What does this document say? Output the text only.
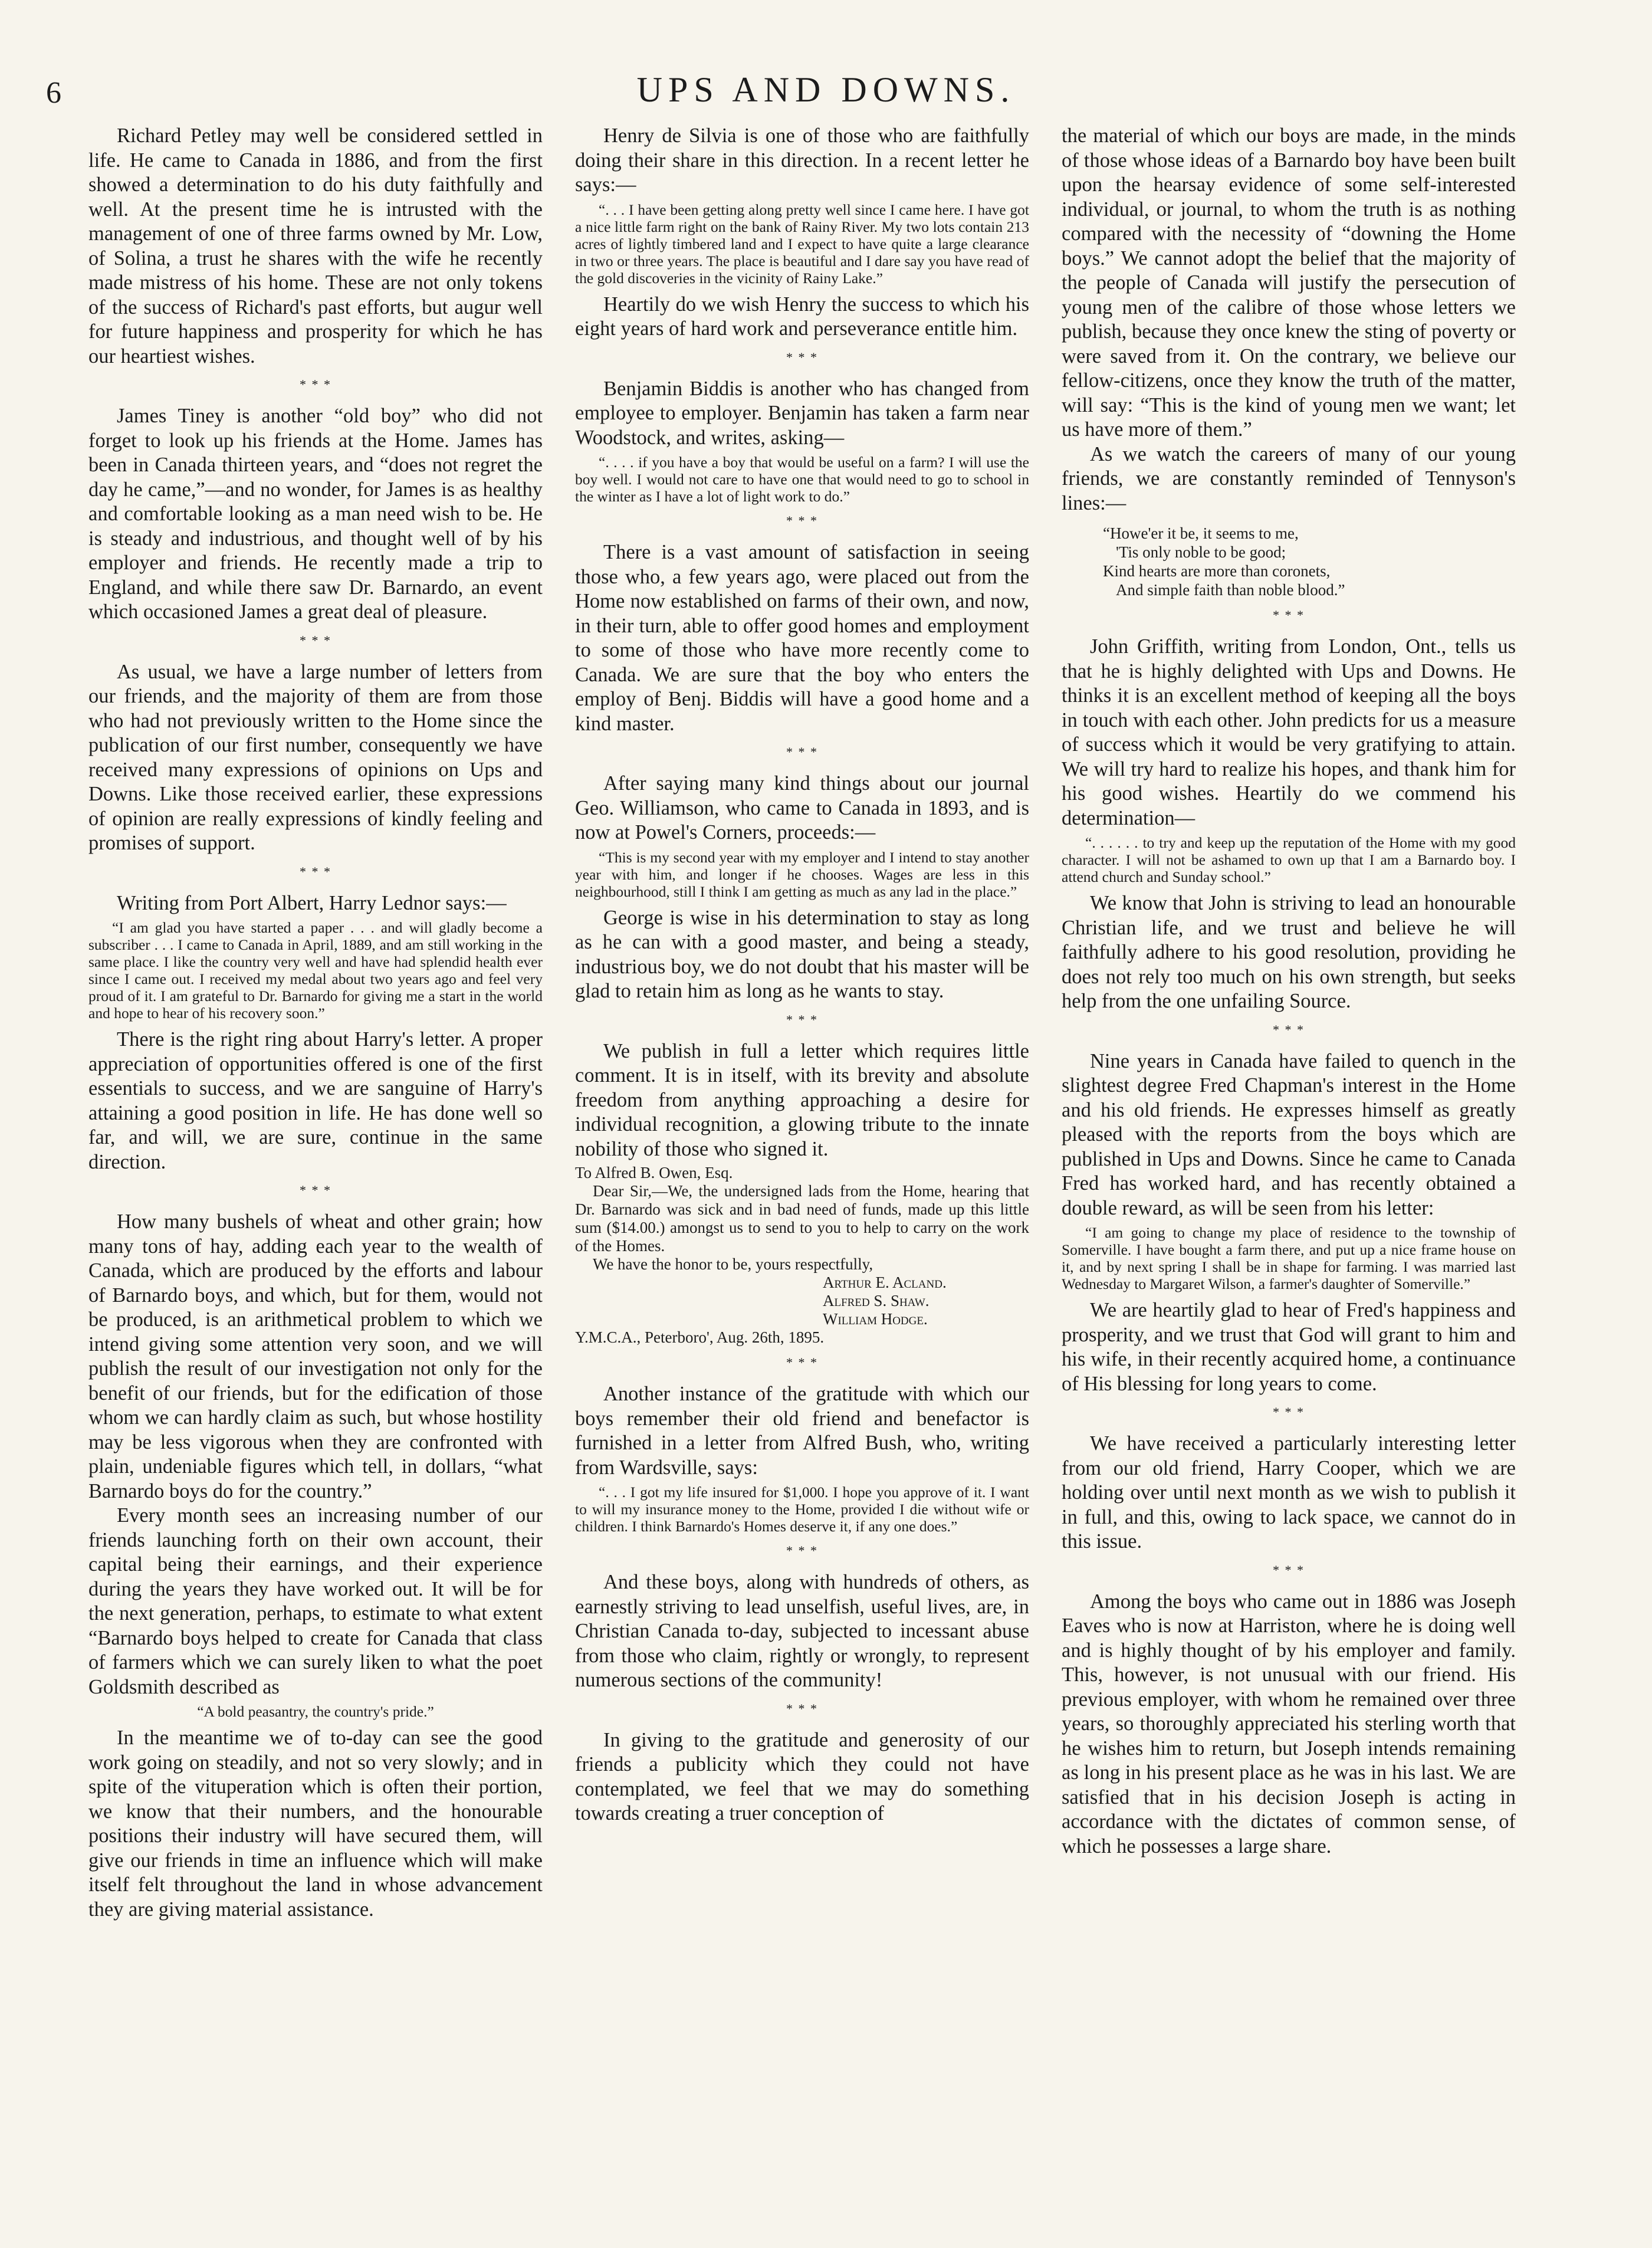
6	UPS AND DOWNS.

Richard Petley may well be considered settled in life. He came to Canada in 1886, and from the first showed a determination to do his duty faithfully and well. At the present time he is intrusted with the management of one of three farms owned by Mr. Low, of Solina, a trust he shares with the wife he recently made mistress of his home. These are not only tokens of the success of Richard's past efforts, but augur well for future happiness and prosperity for which he has our heartiest wishes.

* * *

James Tiney is another “old boy” who did not forget to look up his friends at the Home. James has been in Canada thirteen years, and “does not regret the day he came,”—and no wonder, for James is as healthy and comfortable looking as a man need wish to be. He is steady and industrious, and thought well of by his employer and friends. He recently made a trip to England, and while there saw Dr. Barnardo, an event which occasioned James a great deal of pleasure.

* * *

As usual, we have a large number of letters from our friends, and the majority of them are from those who had not previously written to the Home since the publication of our first number, consequently we have received many expressions of opinions on Ups and Downs. Like those received earlier, these expressions of opinion are really expressions of kindly feeling and promises of support.

* * *

Writing from Port Albert, Harry Lednor says:—

“I am glad you have started a paper . . . and will gladly become a subscriber . . . I came to Canada in April, 1889, and am still working in the same place. I like the country very well and have had splendid health ever since I came out. I received my medal about two years ago and feel very proud of it. I am grateful to Dr. Barnardo for giving me a start in the world and hope to hear of his recovery soon.”

There is the right ring about Harry's letter. A proper appreciation of opportunities offered is one of the first essentials to success, and we are sanguine of Harry's attaining a good position in life. He has done well so far, and will, we are sure, continue in the same direction.

* * *

How many bushels of wheat and other grain; how many tons of hay, adding each year to the wealth of Canada, which are produced by the efforts and labour of Barnardo boys, and which, but for them, would not be produced, is an arithmetical problem to which we intend giving some attention very soon, and we will publish the result of our investigation not only for the benefit of our friends, but for the edification of those whom we can hardly claim as such, but whose hostility may be less vigorous when they are confronted with plain, undeniable figures which tell, in dollars, “what Barnardo boys do for the country.”

Every month sees an increasing number of our friends launching forth on their own account, their capital being their earnings, and their experience during the years they have worked out. It will be for the next generation, perhaps, to estimate to what extent “Barnardo boys helped to create for Canada that class of farmers which we can surely liken to what the poet Goldsmith described as

“A bold peasantry, the country's pride.”

In the meantime we of to-day can see the good work going on steadily, and not so very slowly; and in spite of the vituperation which is often their portion, we know that their numbers, and the honourable positions their industry will have secured them, will give our friends in time an influence which will make itself felt throughout the land in whose advancement they are giving material assistance.

Henry de Silvia is one of those who are faithfully doing their share in this direction. In a recent letter he says:—

“. . . I have been getting along pretty well since I came here. I have got a nice little farm right on the bank of Rainy River. My two lots contain 213 acres of lightly timbered land and I expect to have quite a large clearance in two or three years. The place is beautiful and I dare say you have read of the gold discoveries in the vicinity of Rainy Lake.”

Heartily do we wish Henry the success to which his eight years of hard work and perseverance entitle him.

* * *

Benjamin Biddis is another who has changed from employee to employer. Benjamin has taken a farm near Woodstock, and writes, asking—

“. . . . if you have a boy that would be useful on a farm? I will use the boy well. I would not care to have one that would need to go to school in the winter as I have a lot of light work to do.”
* * *

There is a vast amount of satisfaction in seeing those who, a few years ago, were placed out from the Home now established on farms of their own, and now, in their turn, able to offer good homes and employment to some of those who have more recently come to Canada. We are sure that the boy who enters the employ of Benj. Biddis will have a good home and a kind master.

* * *

After saying many kind things about our journal Geo. Williamson, who came to Canada in 1893, and is now at Powel's Corners, proceeds:—

“This is my second year with my employer and I intend to stay another year with him, and longer if he chooses. Wages are less in this neighbourhood, still I think I am getting as much as any lad in the place.”

George is wise in his determination to stay as long as he can with a good master, and being a steady, industrious boy, we do not doubt that his master will be glad to retain him as long as he wants to stay.

* * *

We publish in full a letter which requires little comment. It is in itself, with its brevity and absolute freedom from anything approaching a desire for individual recognition, a glowing tribute to the innate nobility of those who signed it.

To Alfred B. Owen, Esq.
Dear Sir,—We, the undersigned lads from the Home, hearing that Dr. Barnardo was sick and in bad need of funds, made up this little sum ($14.00.) amongst us to send to you to help to carry on the work of the Homes.
We have the honor to be, yours respectfully,
Arthur E. Acland.
Alfred S. Shaw.
William Hodge.
Y.M.C.A., Peterboro', Aug. 26th, 1895.
* * *

Another instance of the gratitude with which our boys remember their old friend and benefactor is furnished in a letter from Alfred Bush, who, writing from Wardsville, says:

“. . . I got my life insured for $1,000. I hope you approve of it. I want to will my insurance money to the Home, provided I die without wife or children. I think Barnardo's Homes deserve it, if any one does.”
* * *

And these boys, along with hundreds of others, as earnestly striving to lead unselfish, useful lives, are, in Christian Canada to-day, subjected to incessant abuse from those who claim, rightly or wrongly, to represent numerous sections of the community!

* * *

In giving to the gratitude and generosity of our friends a publicity which they could not have contemplated, we feel that we may do something towards creating a truer conception of

the material of which our boys are made, in the minds of those whose ideas of a Barnardo boy have been built upon the hearsay evidence of some self-interested individual, or journal, to whom the truth is as nothing compared with the necessity of “downing the Home boys.” We cannot adopt the belief that the majority of the people of Canada will justify the persecution of young men of the calibre of those whose letters we publish, because they once knew the sting of poverty or were saved from it. On the contrary, we believe our fellow-citizens, once they know the truth of the matter, will say: “This is the kind of young men we want; let us have more of them.”

As we watch the careers of many of our young friends, we are constantly reminded of Tennyson's lines:—

“Howe'er it be, it seems to me,
'Tis only noble to be good;
Kind hearts are more than coronets,
And simple faith than noble blood.”
* * *

John Griffith, writing from London, Ont., tells us that he is highly delighted with Ups and Downs. He thinks it is an excellent method of keeping all the boys in touch with each other. John predicts for us a measure of success which it would be very gratifying to attain. We will try hard to realize his hopes, and thank him for his good wishes. Heartily do we commend his determination—

“. . . . . . to try and keep up the reputation of the Home with my good character. I will not be ashamed to own up that I am a Barnardo boy. I attend church and Sunday school.”

We know that John is striving to lead an honourable Christian life, and we trust and believe he will faithfully adhere to his good resolution, providing he does not rely too much on his own strength, but seeks help from the one unfailing Source.

* * *

Nine years in Canada have failed to quench in the slightest degree Fred Chapman's interest in the Home and his old friends. He expresses himself as greatly pleased with the reports from the boys which are published in Ups and Downs. Since he came to Canada Fred has worked hard, and has recently obtained a double reward, as will be seen from his letter:

“I am going to change my place of residence to the township of Somerville. I have bought a farm there, and put up a nice frame house on it, and by next spring I shall be in shape for farming. I was married last Wednesday to Margaret Wilson, a farmer's daughter of Somerville.”

We are heartily glad to hear of Fred's happiness and prosperity, and we trust that God will grant to him and his wife, in their recently acquired home, a continuance of His blessing for long years to come.

* * *

We have received a particularly interesting letter from our old friend, Harry Cooper, which we are holding over until next month as we wish to publish it in full, and this, owing to lack space, we cannot do in this issue.

* * *

Among the boys who came out in 1886 was Joseph Eaves who is now at Harriston, where he is doing well and is highly thought of by his employer and family. This, however, is not unusual with our friend. His previous employer, with whom he remained over three years, so thoroughly appreciated his sterling worth that he wishes him to return, but Joseph intends remaining as long in his present place as he was in his last. We are satisfied that in his decision Joseph is acting in accordance with the dictates of common sense, of which he possesses a large share.
